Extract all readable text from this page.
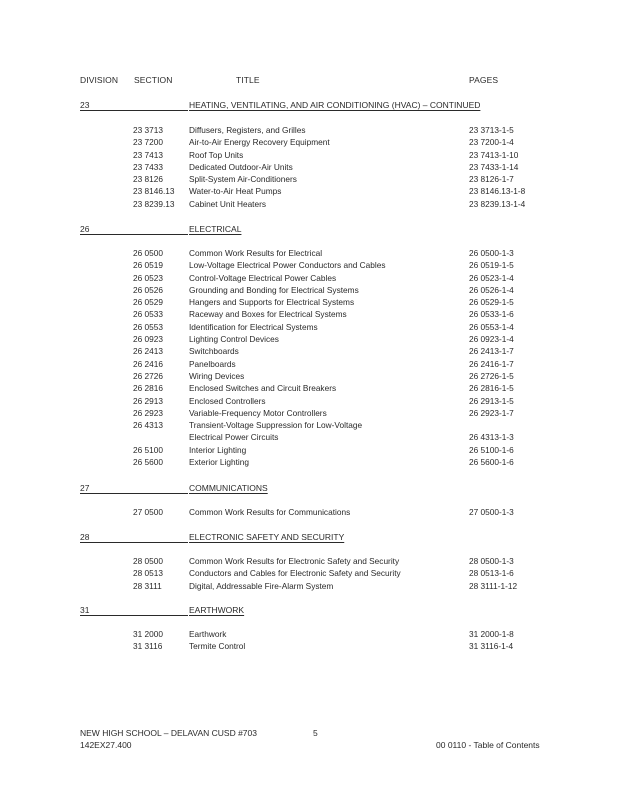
DIVISION SECTION	TITLE	PAGES
23	HEATING, VENTILATING, AND AIR CONDITIONING (HVAC) – CONTINUED
23 3713	Diffusers, Registers, and Grilles	23 3713-1-5
23 7200	Air-to-Air Energy Recovery Equipment	23 7200-1-4
23 7413	Roof Top Units	23 7413-1-10
23 7433	Dedicated Outdoor-Air Units	23 7433-1-14
23 8126	Split-System Air-Conditioners	23 8126-1-7
23 8146.13 Water-to-Air Heat Pumps	23 8146.13-1-8
23 8239.13 Cabinet Unit Heaters	23 8239.13-1-4
26	ELECTRICAL
26 0500	Common Work Results for Electrical	26 0500-1-3
26 0519	Low-Voltage Electrical Power Conductors and Cables	26 0519-1-5
26 0523	Control-Voltage Electrical Power Cables	26 0523-1-4
26 0526	Grounding and Bonding for Electrical Systems	26 0526-1-4
26 0529	Hangers and Supports for Electrical Systems	26 0529-1-5
26 0533	Raceway and Boxes for Electrical Systems	26 0533-1-6
26 0553	Identification for Electrical Systems	26 0553-1-4
26 0923	Lighting Control Devices	26 0923-1-4
26 2413	Switchboards	26 2413-1-7
26 2416	Panelboards	26 2416-1-7
26 2726	Wiring Devices	26 2726-1-5
26 2816	Enclosed Switches and Circuit Breakers	26 2816-1-5
26 2913	Enclosed Controllers	26 2913-1-5
26 2923	Variable-Frequency Motor Controllers	26 2923-1-7
26 4313	Transient-Voltage Suppression for Low-Voltage
Electrical Power Circuits	26 4313-1-3
26 5100	Interior Lighting	26 5100-1-6
26 5600	Exterior Lighting	26 5600-1-6
27	COMMUNICATIONS
27 0500	Common Work Results for Communications	27 0500-1-3
28	ELECTRONIC SAFETY AND SECURITY
28 0500	Common Work Results for Electronic Safety and Security	28 0500-1-3
28 0513	Conductors and Cables for Electronic Safety and Security	28 0513-1-6
28 3111	Digital, Addressable Fire-Alarm System	28 3111-1-12
31	EARTHWORK
31 2000	Earthwork	31 2000-1-8
31 3116	Termite Control	31 3116-1-4
NEW HIGH SCHOOL – DELAVAN CUSD #703	5
142EX27.400	00 0110 - Table of Contents
